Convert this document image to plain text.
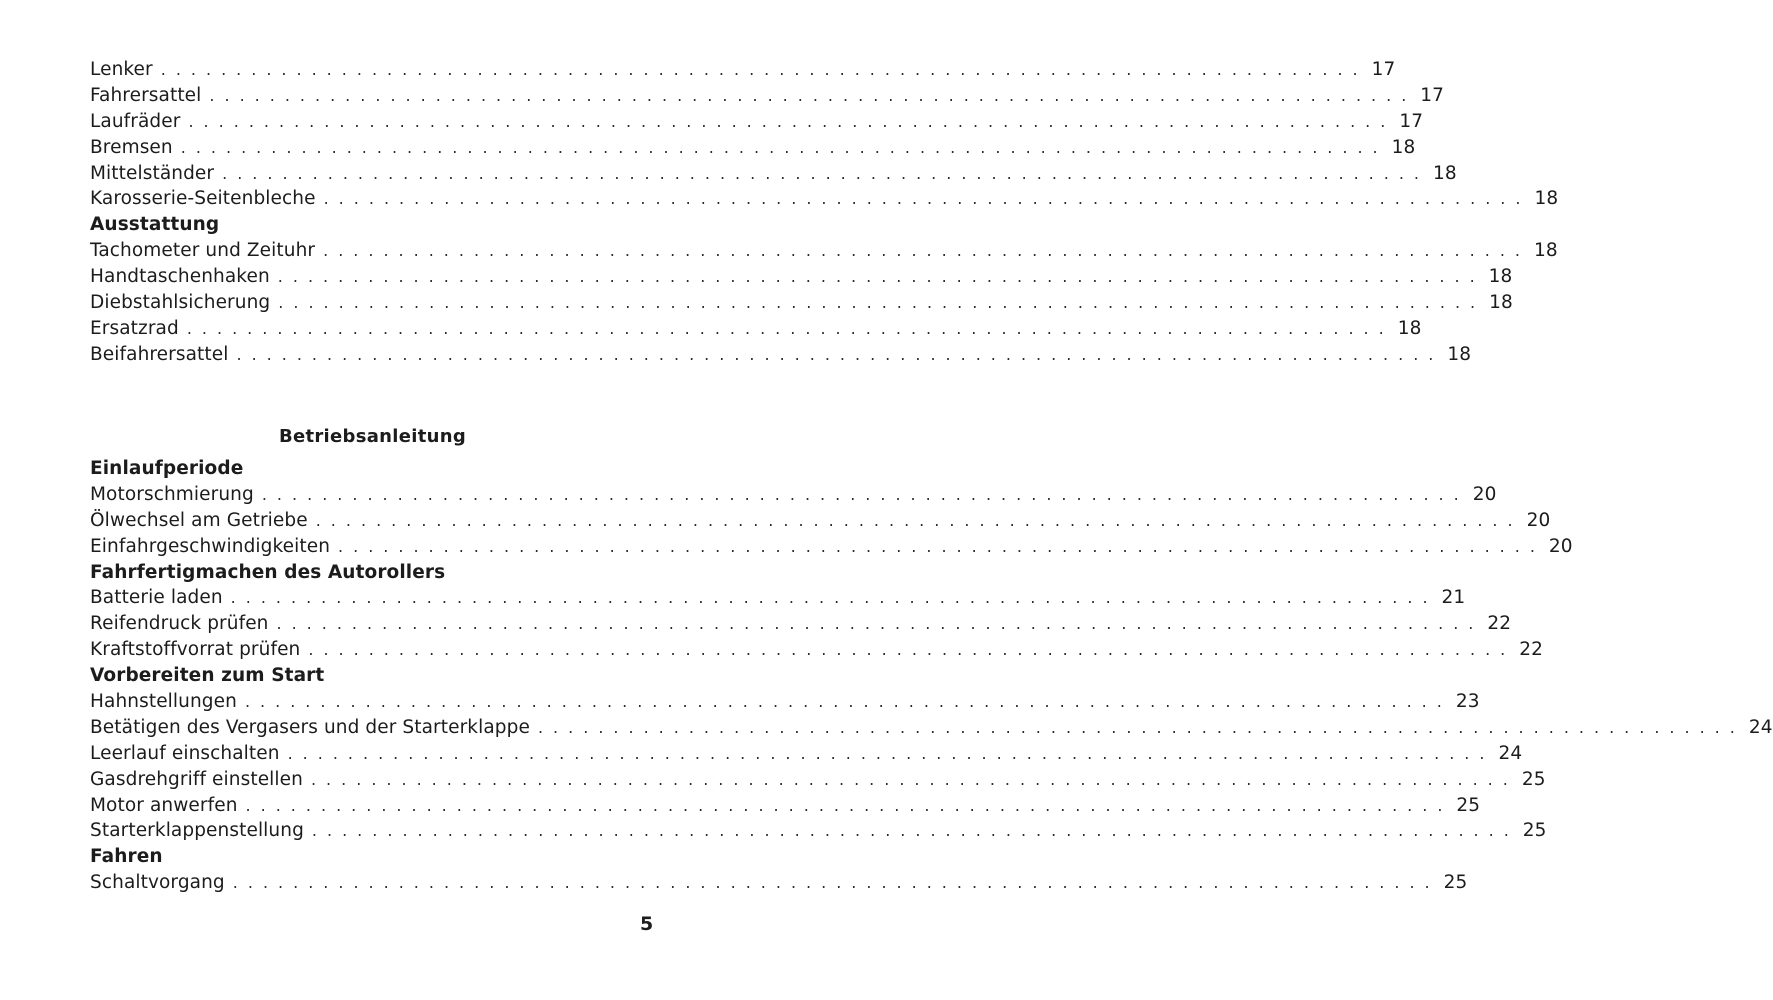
Lenker ................................................................................ 17
Fahrersattel ................................................................................ 17
Laufräder ................................................................................ 17
Bremsen ................................................................................ 18
Mittelständer ................................................................................ 18
Karosserie-Seitenbleche ................................................................................ 18
Ausstattung
Tachometer und Zeituhr ................................................................................ 18
Handtaschenhaken ................................................................................ 18
Diebstahlsicherung ................................................................................ 18
Ersatzrad ................................................................................ 18
Beifahrersattel ................................................................................ 18
Betriebsanleitung
Einlaufperiode
Motorschmierung ................................................................................ 20
Ölwechsel am Getriebe ................................................................................ 20
Einfahrgeschwindigkeiten ................................................................................ 20
Fahrfertigmachen des Autorollers
Batterie laden ................................................................................ 21
Reifendruck prüfen ................................................................................ 22
Kraftstoffvorrat prüfen ................................................................................ 22
Vorbereiten zum Start
Hahnstellungen ................................................................................ 23
Betätigen des Vergasers und der Starterklappe ................................................................................ 24
Leerlauf einschalten ................................................................................ 24
Gasdrehgriff einstellen ................................................................................ 25
Motor anwerfen ................................................................................ 25
Starterklappenstellung ................................................................................ 25
Fahren
Schaltvorgang ................................................................................ 25
5
